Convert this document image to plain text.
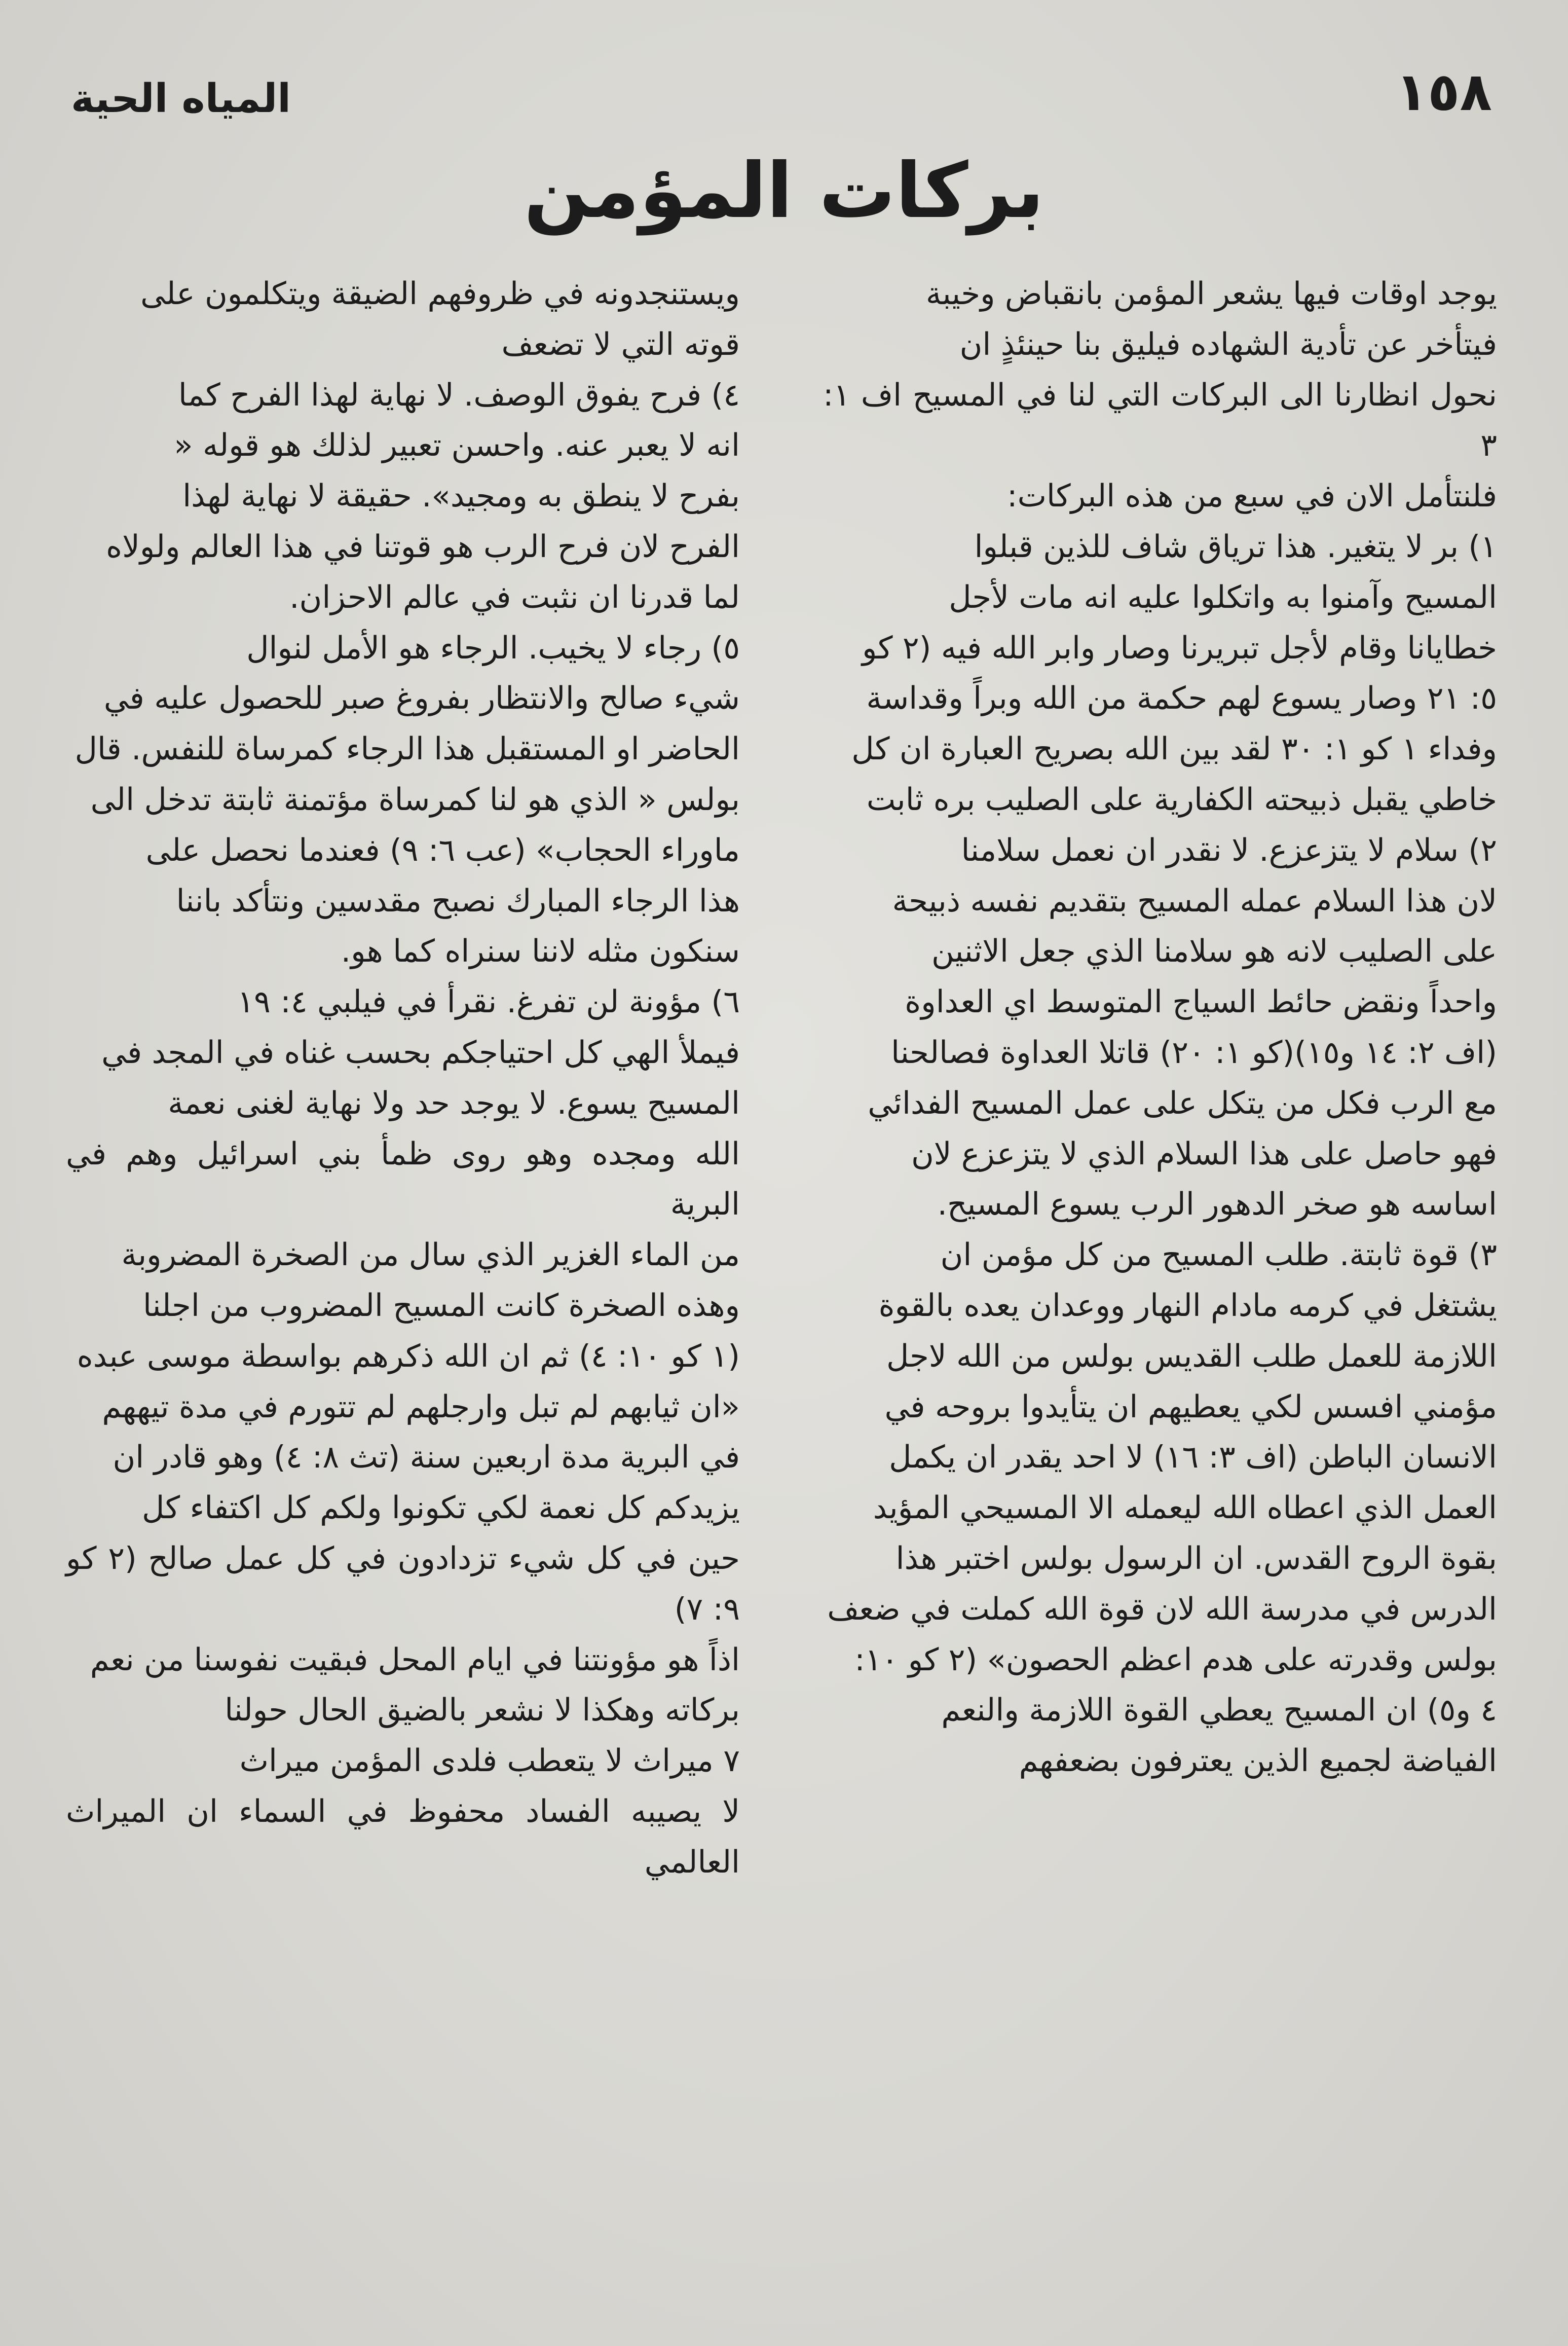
المياه الحية	١٥٨
بركات المؤمن

يوجد اوقات فيها يشعر المؤمن بانقباض وخيبة

فيتأخر عن تأدية الشهاده فيليق بنا حينئذٍ ان

نحول انظارنا الى البركات التي لنا في المسيح اف ١: ٣

فلنتأمل الان في سبع من هذه البركات:

١) بر لا يتغير. هذا ترياق شاف للذين قبلوا

المسيح وآمنوا به واتكلوا عليه انه مات لأجل

خطايانا وقام لأجل تبريرنا وصار وابر الله فيه (٢ كو

٥: ٢١ وصار يسوع لهم حكمة من الله وبراً وقداسة

وفداء ١ كو ١: ٣٠ لقد بين الله بصريح العبارة ان كل

خاطي يقبل ذبيحته الكفارية على الصليب بره ثابت

٢) سلام لا يتزعزع. لا نقدر ان نعمل سلامنا

لان هذا السلام عمله المسيح بتقديم نفسه ذبيحة

على الصليب لانه هو سلامنا الذي جعل الاثنين

واحداً ونقض حائط السياج المتوسط اي العداوة

(اف ٢: ١٤ و١٥)(كو ١: ٢٠) قاتلا العداوة فصالحنا

مع الرب فكل من يتكل على عمل المسيح الفدائي

فهو حاصل على هذا السلام الذي لا يتزعزع لان

اساسه هو صخر الدهور الرب يسوع المسيح.

٣) قوة ثابتة. طلب المسيح من كل مؤمن ان

يشتغل في كرمه مادام النهار ووعدان يعده بالقوة

اللازمة للعمل طلب القديس بولس من الله لاجل

مؤمني افسس لكي يعطيهم ان يتأيدوا بروحه في

الانسان الباطن (اف ٣: ١٦) لا احد يقدر ان يكمل

العمل الذي اعطاه الله ليعمله الا المسيحي المؤيد

بقوة الروح القدس. ان الرسول بولس اختبر هذا

الدرس في مدرسة الله لان قوة الله كملت في ضعف

بولس وقدرته على هدم اعظم الحصون» (٢ كو ١٠:

٤ و٥) ان المسيح يعطي القوة اللازمة والنعم

الفياضة لجميع الذين يعترفون بضعفهم

ويستنجدونه في ظروفهم الضيقة ويتكلمون على

قوته التي لا تضعف

٤) فرح يفوق الوصف. لا نهاية لهذا الفرح كما

انه لا يعبر عنه. واحسن تعبير لذلك هو قوله «

بفرح لا ينطق به ومجيد». حقيقة لا نهاية لهذا

الفرح لان فرح الرب هو قوتنا في هذا العالم ولولاه

لما قدرنا ان نثبت في عالم الاحزان.

٥) رجاء لا يخيب. الرجاء هو الأمل لنوال

شيء صالح والانتظار بفروغ صبر للحصول عليه في

الحاضر او المستقبل هذا الرجاء كمرساة للنفس. قال

بولس « الذي هو لنا كمرساة مؤتمنة ثابتة تدخل الى

ماوراء الحجاب» (عب ٦: ٩) فعندما نحصل على

هذا الرجاء المبارك نصبح مقدسين ونتأكد باننا

سنكون مثله لاننا سنراه كما هو.

٦) مؤونة لن تفرغ. نقرأ في فيلبي ٤: ١٩

فيملأ الهي كل احتياجكم بحسب غناه في المجد في

المسيح يسوع. لا يوجد حد ولا نهاية لغنى نعمة

الله ومجده وهو روى ظمأ بني اسرائيل وهم في البرية

من الماء الغزير الذي سال من الصخرة المضروبة

وهذه الصخرة كانت المسيح المضروب من اجلنا

(١ كو ١٠: ٤) ثم ان الله ذكرهم بواسطة موسى عبده

«ان ثيابهم لم تبل وارجلهم لم تتورم في مدة تيههم

في البرية مدة اربعين سنة (تث ٨: ٤) وهو قادر ان

يزيدكم كل نعمة لكي تكونوا ولكم كل اكتفاء كل

حين في كل شيء تزدادون في كل عمل صالح (٢ كو ٩: ٧)

اذاً هو مؤونتنا في ايام المحل فبقيت نفوسنا من نعم

بركاته وهكذا لا نشعر بالضيق الحال حولنا

٧ ميراث لا يتعطب فلدى المؤمن ميراث

لا يصيبه الفساد محفوظ في السماء ان الميراث العالمي
